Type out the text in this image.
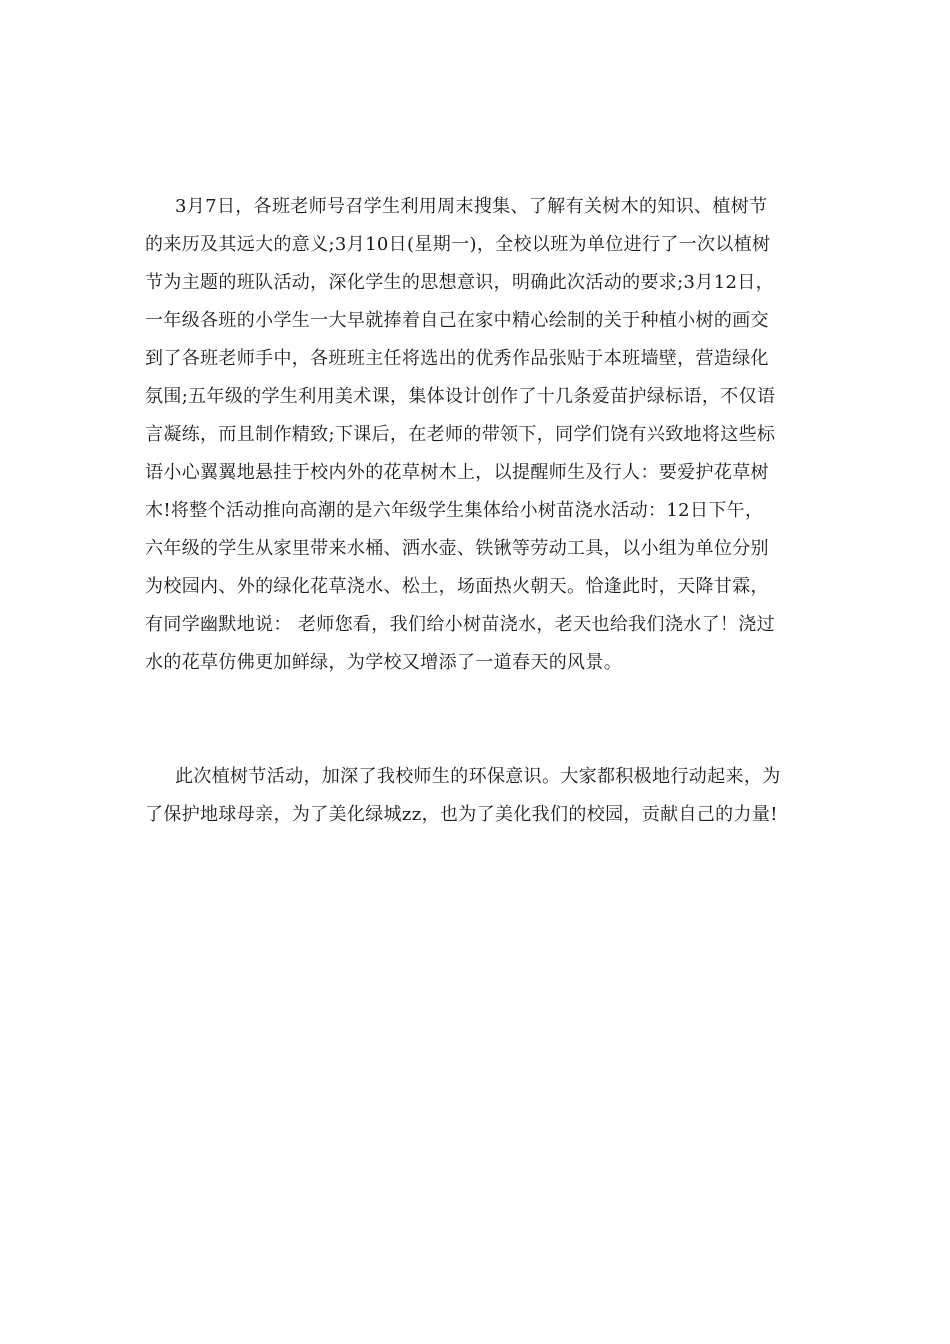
3月7日，各班老师号召学生利用周末搜集、了解有关树木的知识、植树节
的来历及其远大的意义;3月10日(星期一)，全校以班为单位进行了一次以植树
节为主题的班队活动，深化学生的思想意识，明确此次活动的要求;3月12日，
一年级各班的小学生一大早就捧着自己在家中精心绘制的关于种植小树的画交
到了各班老师手中，各班班主任将选出的优秀作品张贴于本班墙壁，营造绿化
氛围;五年级的学生利用美术课，集体设计创作了十几条爱苗护绿标语，不仅语
言凝练，而且制作精致;下课后，在老师的带领下，同学们饶有兴致地将这些标
语小心翼翼地悬挂于校内外的花草树木上，以提醒师生及行人：要爱护花草树
木!将整个活动推向高潮的是六年级学生集体给小树苗浇水活动：12日下午，
六年级的学生从家里带来水桶、洒水壶、铁锹等劳动工具，以小组为单位分别
为校园内、外的绿化花草浇水、松土，场面热火朝天。恰逢此时，天降甘霖，
有同学幽默地说： 老师您看，我们给小树苗浇水，老天也给我们浇水了！浇过
水的花草仿佛更加鲜绿，为学校又增添了一道春天的风景。
此次植树节活动，加深了我校师生的环保意识。大家都积极地行动起来，为
了保护地球母亲，为了美化绿城zz，也为了美化我们的校园，贡献自己的力量!
